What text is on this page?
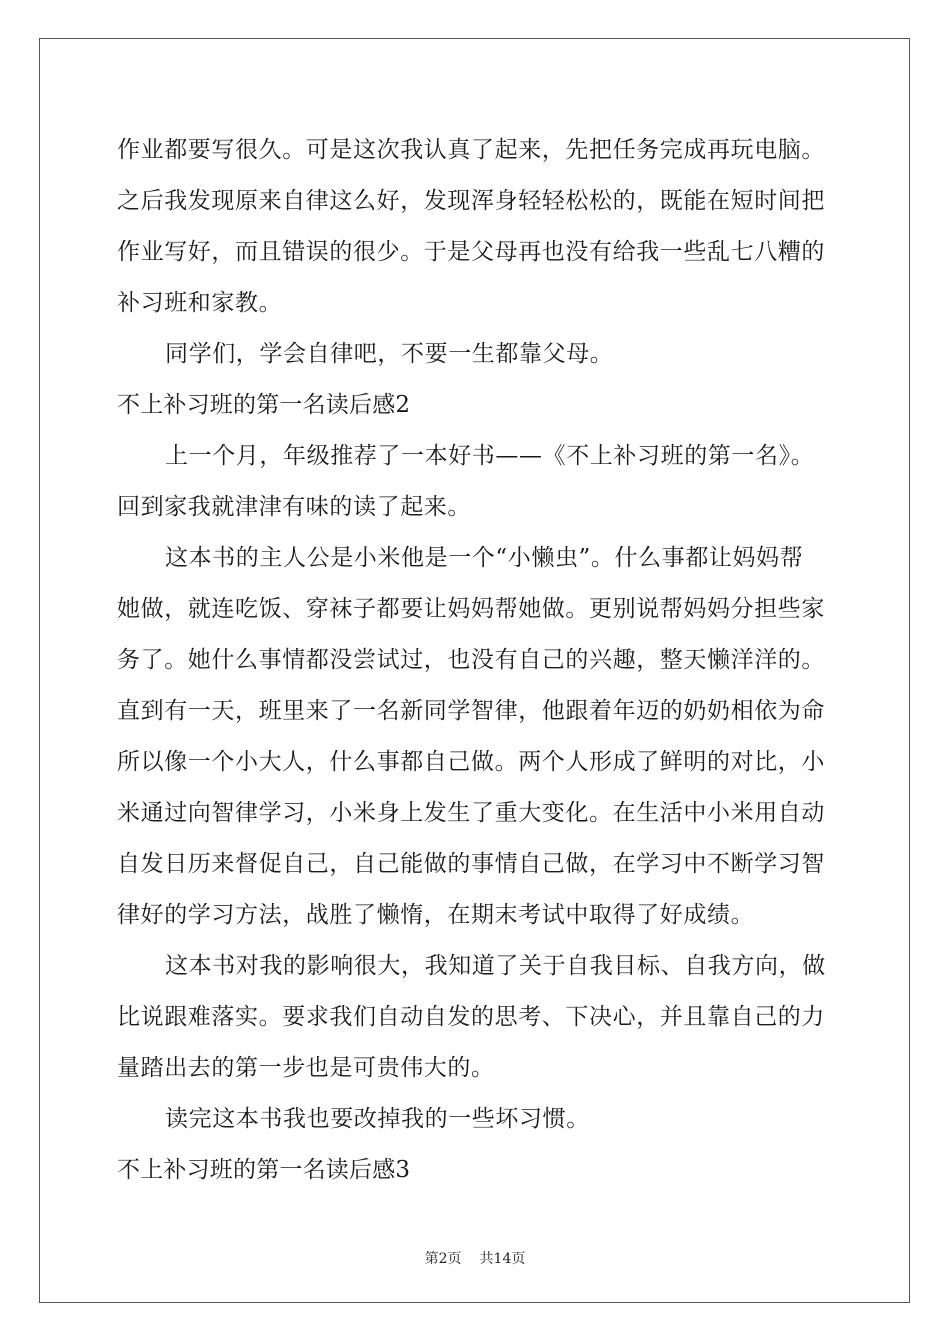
作业都要写很久。可是这次我认真了起来，先把任务完成再玩电脑。
之后我发现原来自律这么好，发现浑身轻轻松松的，既能在短时间把
作业写好，而且错误的很少。于是父母再也没有给我一些乱七八糟的
补习班和家教。
同学们，学会自律吧，不要一生都靠父母。
不上补习班的第一名读后感2
上一个月，年级推荐了一本好书——《不上补习班的第一名》。
回到家我就津津有味的读了起来。
这本书的主人公是小米他是一个“小懒虫”。什么事都让妈妈帮
她做，就连吃饭、穿袜子都要让妈妈帮她做。更别说帮妈妈分担些家
务了。她什么事情都没尝试过，也没有自己的兴趣，整天懒洋洋的。
直到有一天，班里来了一名新同学智律，他跟着年迈的奶奶相依为命
所以像一个小大人，什么事都自己做。两个人形成了鲜明的对比，小
米通过向智律学习，小米身上发生了重大变化。在生活中小米用自动
自发日历来督促自己，自己能做的事情自己做，在学习中不断学习智
律好的学习方法，战胜了懒惰，在期末考试中取得了好成绩。
这本书对我的影响很大，我知道了关于自我目标、自我方向，做
比说跟难落实。要求我们自动自发的思考、下决心，并且靠自己的力
量踏出去的第一步也是可贵伟大的。
读完这本书我也要改掉我的一些坏习惯。
不上补习班的第一名读后感3
第2页 共14页
